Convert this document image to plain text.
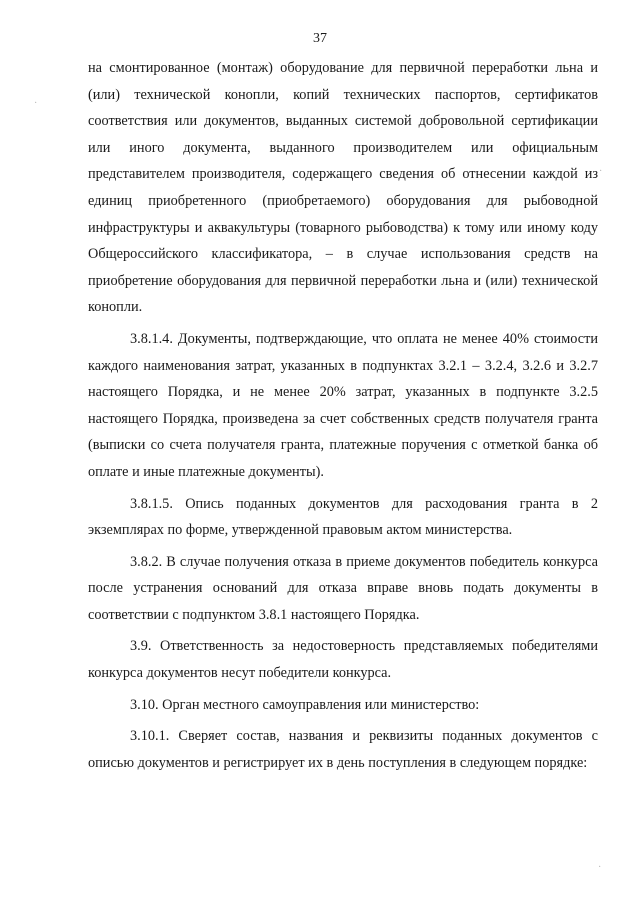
37
на смонтированное (монтаж) оборудование для первичной переработки льна и (или) технической конопли, копий технических паспортов, сертификатов соответствия или документов, выданных системой добровольной сертификации или иного документа, выданного производителем или официальным представителем производителя, содержащего сведения об отнесении каждой из единиц приобретенного (приобретаемого) оборудования для рыбоводной инфраструктуры и аквакультуры (товарного рыбоводства) к тому или иному коду Общероссийского классификатора, – в случае использования средств на приобретение оборудования для первичной переработки льна и (или) технической конопли.
3.8.1.4. Документы, подтверждающие, что оплата не менее 40% стоимости каждого наименования затрат, указанных в подпунктах 3.2.1 – 3.2.4, 3.2.6 и 3.2.7 настоящего Порядка, и не менее 20% затрат, указанных в подпункте 3.2.5 настоящего Порядка, произведена за счет собственных средств получателя гранта (выписки со счета получателя гранта, платежные поручения с отметкой банка об оплате и иные платежные документы).
3.8.1.5. Опись поданных документов для расходования гранта в 2 экземплярах по форме, утвержденной правовым актом министерства.
3.8.2. В случае получения отказа в приеме документов победитель конкурса после устранения оснований для отказа вправе вновь подать документы в соответствии с подпунктом 3.8.1 настоящего Порядка.
3.9. Ответственность за недостоверность представляемых победителями конкурса документов несут победители конкурса.
3.10. Орган местного самоуправления или министерство:
3.10.1. Сверяет состав, названия и реквизиты поданных документов с описью документов и регистрирует их в день поступления в следующем порядке:
·
·
·
